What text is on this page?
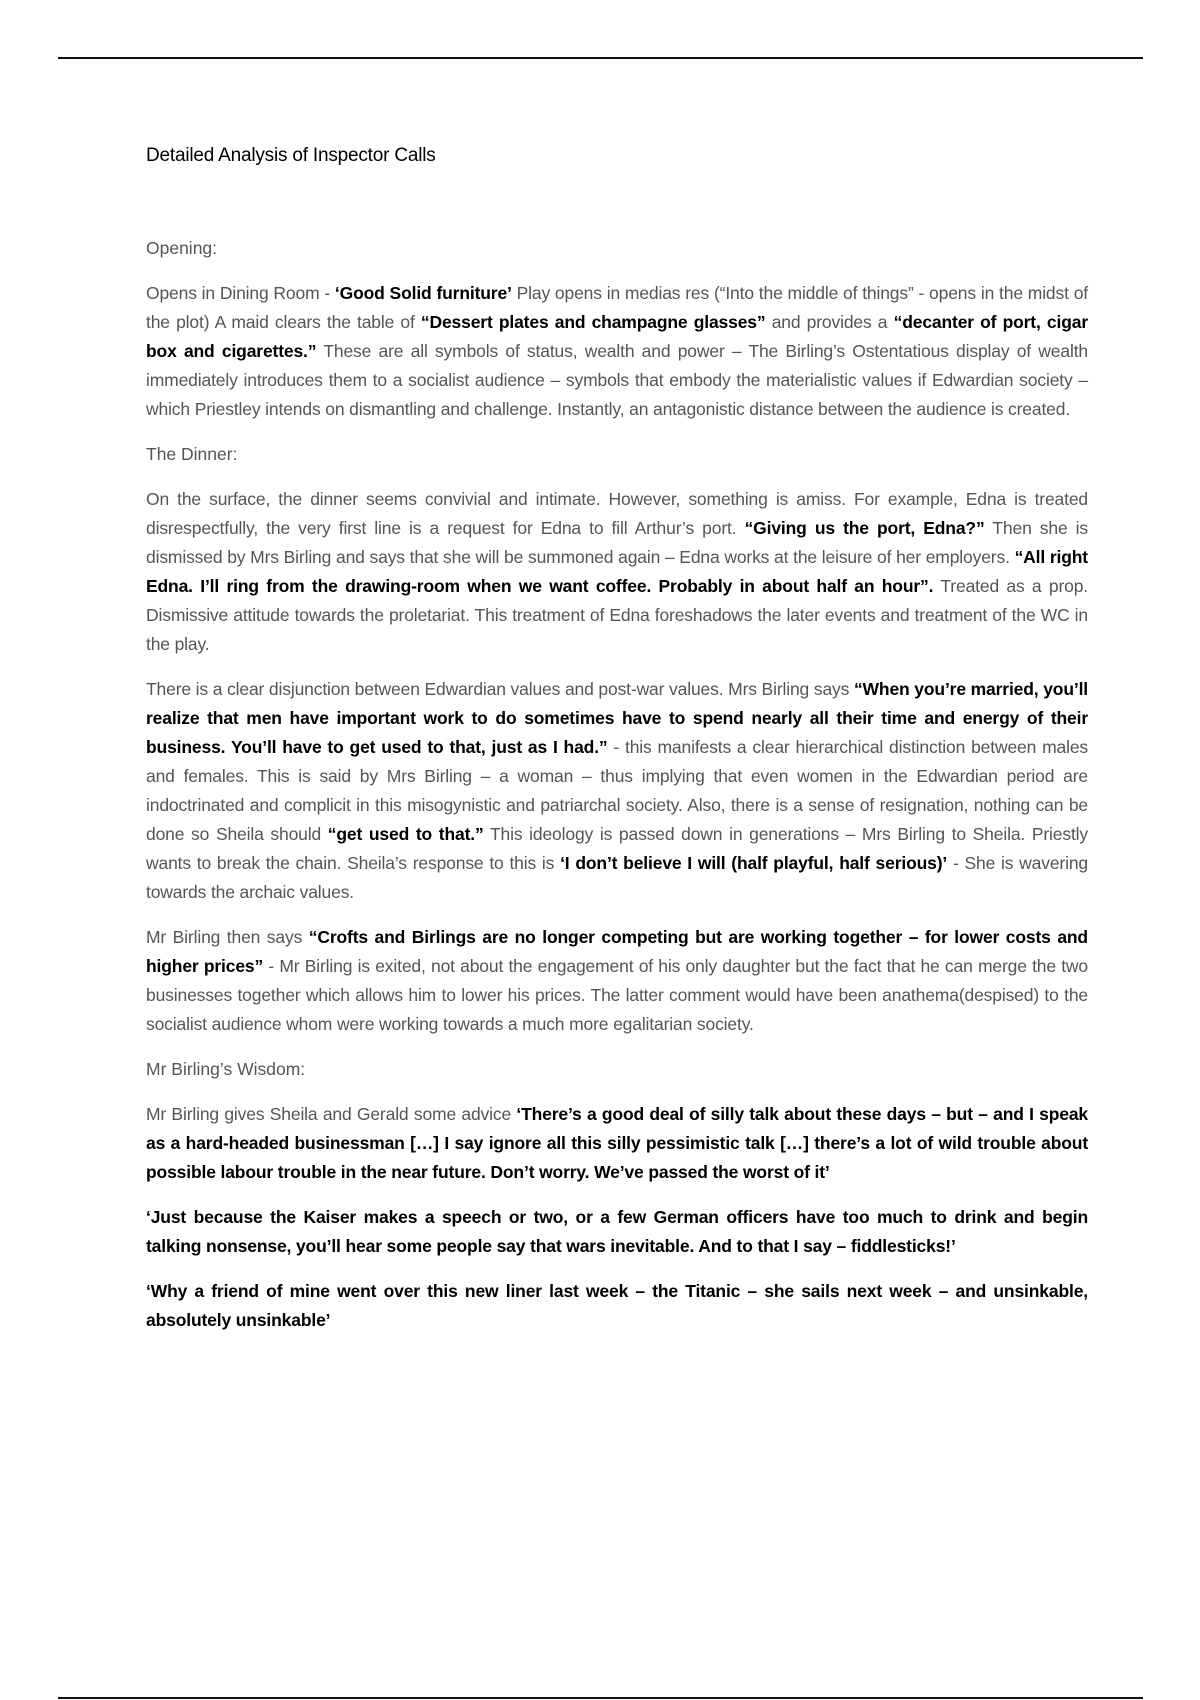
Detailed Analysis of Inspector Calls

Opening:

Opens in Dining Room - ‘Good Solid furniture’ Play opens in medias res (“Into the middle of things” - opens in the midst of the plot) A maid clears the table of “Dessert plates and champagne glasses” and provides a “decanter of port, cigar box and cigarettes.” These are all symbols of status, wealth and power – The Birling’s Ostentatious display of wealth immediately introduces them to a socialist audience – symbols that embody the materialistic values if Edwardian society – which Priestley intends on dismantling and challenge. Instantly, an antagonistic distance between the audience is created.

The Dinner:

On the surface, the dinner seems convivial and intimate. However, something is amiss. For example, Edna is treated disrespectfully, the very first line is a request for Edna to fill Arthur’s port. “Giving us the port, Edna?” Then she is dismissed by Mrs Birling and says that she will be summoned again – Edna works at the leisure of her employers. “All right Edna. I’ll ring from the drawing-room when we want coffee. Probably in about half an hour”. Treated as a prop. Dismissive attitude towards the proletariat. This treatment of Edna foreshadows the later events and treatment of the WC in the play.

There is a clear disjunction between Edwardian values and post-war values. Mrs Birling says “When you’re married, you’ll realize that men have important work to do sometimes have to spend nearly all their time and energy of their business. You’ll have to get used to that, just as I had.” - this manifests a clear hierarchical distinction between males and females. This is said by Mrs Birling – a woman – thus implying that even women in the Edwardian period are indoctrinated and complicit in this misogynistic and patriarchal society. Also, there is a sense of resignation, nothing can be done so Sheila should “get used to that.” This ideology is passed down in generations – Mrs Birling to Sheila. Priestly wants to break the chain. Sheila’s response to this is ‘I don’t believe I will (half playful, half serious)’ - She is wavering towards the archaic values.

Mr Birling then says “Crofts and Birlings are no longer competing but are working together – for lower costs and higher prices” - Mr Birling is exited, not about the engagement of his only daughter but the fact that he can merge the two businesses together which allows him to lower his prices. The latter comment would have been anathema(despised) to the socialist audience whom were working towards a much more egalitarian society.

Mr Birling’s Wisdom:

Mr Birling gives Sheila and Gerald some advice ‘There’s a good deal of silly talk about these days – but – and I speak as a hard-headed businessman […] I say ignore all this silly pessimistic talk […] there’s a lot of wild trouble about possible labour trouble in the near future. Don’t worry. We’ve passed the worst of it’

‘Just because the Kaiser makes a speech or two, or a few German officers have too much to drink and begin talking nonsense, you’ll hear some people say that wars inevitable. And to that I say – fiddlesticks!’

‘Why a friend of mine went over this new liner last week – the Titanic – she sails next week – and unsinkable, absolutely unsinkable’
